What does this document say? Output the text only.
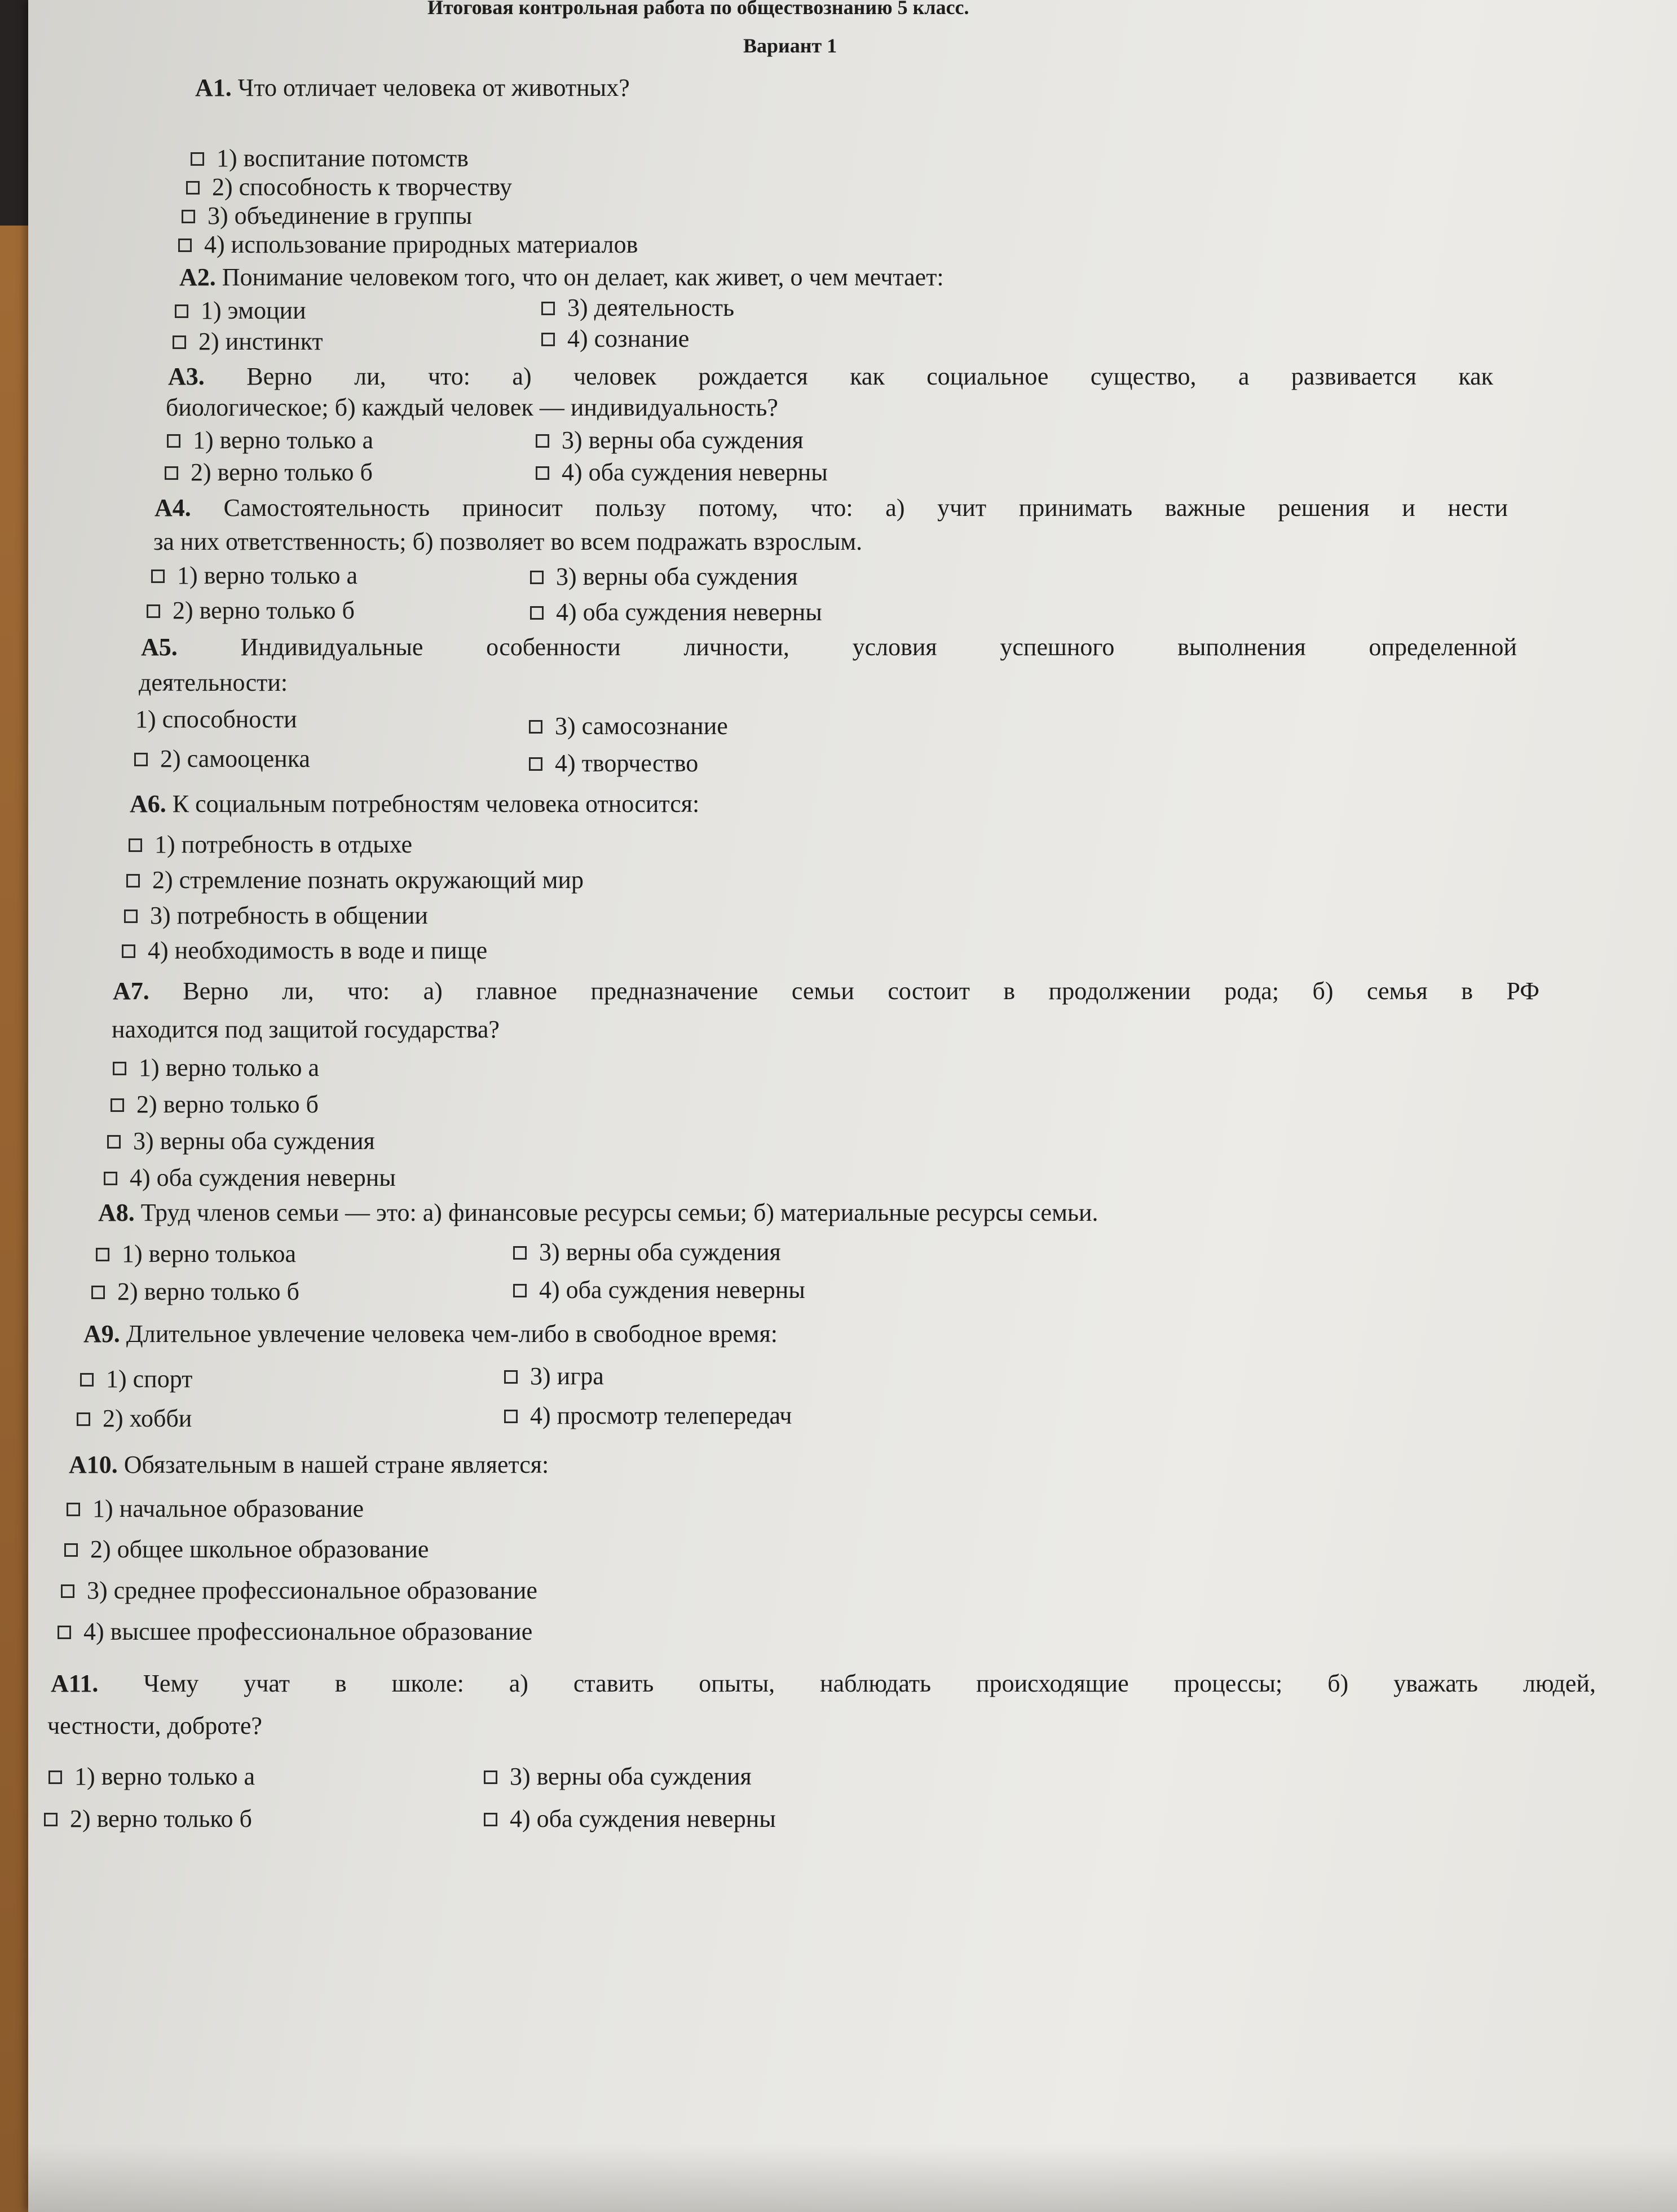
Итоговая контрольная работа по обществознанию 5 класс.
Вариант 1
А1. Что отличает человека от животных?
1) воспитание потомств
2) способность к творчеству
3) объединение в группы
4) использование природных материалов
А2. Понимание человеком того, что он делает, как живет, о чем мечтает:
1) эмоции
2) инстинкт
3) деятельность
4) сознание
А3. Верно ли, что: а) человек рождается как социальное существо, а развивается как
биологическое; б) каждый человек — индивидуальность?
1) верно только а
2) верно только б
3) верны оба суждения
4) оба суждения неверны
А4. Самостоятельность приносит пользу потому, что: а) учит принимать важные решения и нести
за них ответственность; б) позволяет во всем подражать взрослым.
1) верно только а
2) верно только б
3) верны оба суждения
4) оба суждения неверны
А5.	Индивидуальные особенности личности, условия успешного выполнения определенной
деятельности:
1) способности
2) самооценка
3) самосознание
4) творчество
А6. К социальным потребностям человека относится:
1) потребность в отдыхе
2) стремление познать окружающий мир
3) потребность в общении
4) необходимость в воде и пище
А7. Верно ли, что: а) главное предназначение семьи состоит в продолжении рода; б) семья в РФ
находится под защитой государства?
1) верно только а
2) верно только б
3) верны оба суждения
4) оба суждения неверны
А8. Труд членов семьи — это: а) финансовые ресурсы семьи; б) материальные ресурсы семьи.
1) верно толькоа
2) верно только б
3) верны оба суждения
4) оба суждения неверны
А9. Длительное увлечение человека чем-либо в свободное время:
1) спорт
2) хобби
3) игра
4) просмотр телепередач
А10. Обязательным в нашей стране является:
1) начальное образование
2) общее школьное образование
3) среднее профессиональное образование
4) высшее профессиональное образование
А11. Чему учат в школе: а) ставить опыты, наблюдать происходящие процессы; б) уважать людей,
честности, доброте?
1) верно только а
2) верно только б
3) верны оба суждения
4) оба суждения неверны
